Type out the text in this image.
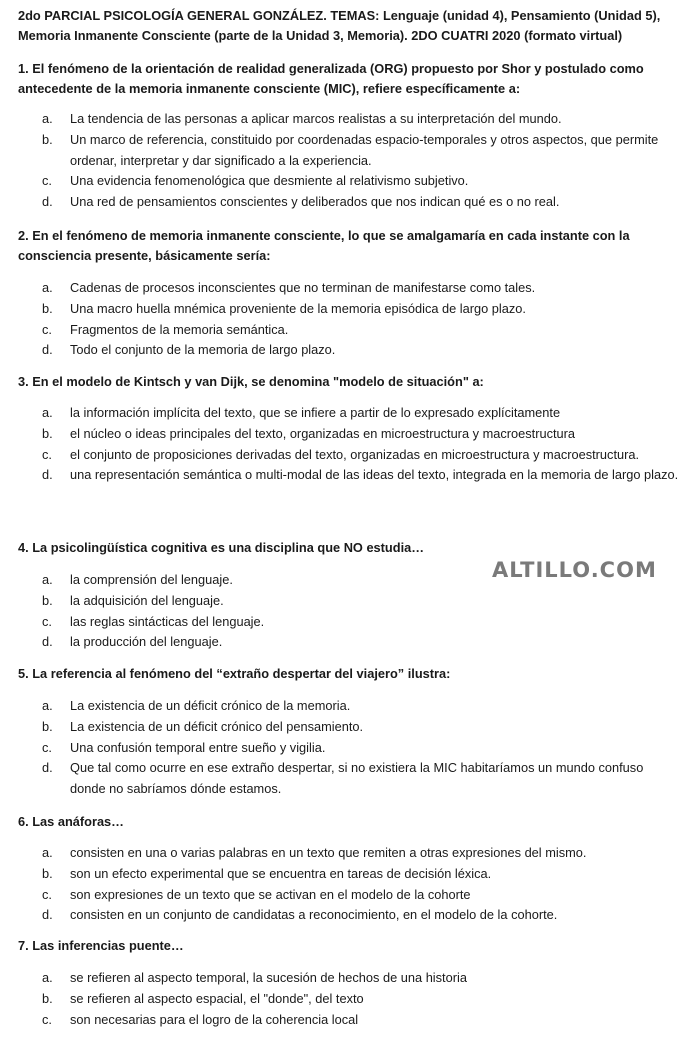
2do PARCIAL PSICOLOGÍA GENERAL GONZÁLEZ. TEMAS: Lenguaje (unidad 4), Pensamiento (Unidad 5), Memoria Inmanente Consciente (parte de la Unidad 3, Memoria). 2DO CUATRI 2020 (formato virtual)
1. El fenómeno de la orientación de realidad generalizada (ORG) propuesto por Shor y postulado como antecedente de la memoria inmanente consciente (MIC), refiere específicamente a:
a. La tendencia de las personas a aplicar marcos realistas a su interpretación del mundo.
b. Un marco de referencia, constituido por coordenadas espacio-temporales y otros aspectos, que permite ordenar, interpretar y dar significado a la experiencia.
c. Una evidencia fenomenológica que desmiente al relativismo subjetivo.
d. Una red de pensamientos conscientes y deliberados que nos indican qué es o no real.
2. En el fenómeno de memoria inmanente consciente, lo que se amalgamaría en cada instante con la consciencia presente, básicamente sería:
a. Cadenas de procesos inconscientes que no terminan de manifestarse como tales.
b. Una macro huella mnémica proveniente de la memoria episódica de largo plazo.
c. Fragmentos de la memoria semántica.
d. Todo el conjunto de la memoria de largo plazo.
3. En el modelo de Kintsch y van Dijk, se denomina "modelo de situación" a:
a. la información implícita del texto, que se infiere a partir de lo expresado explícitamente
b. el núcleo o ideas principales del texto, organizadas en microestructura y macroestructura
c. el conjunto de proposiciones derivadas del texto, organizadas en microestructura y macroestructura.
d. una representación semántica o multi-modal de las ideas del texto, integrada en la memoria de largo plazo.
4. La psicolingüística cognitiva es una disciplina que NO estudia…
a. la comprensión del lenguaje.
b. la adquisición del lenguaje.
c. las reglas sintácticas del lenguaje.
d. la producción del lenguaje.
ALTILLO.COM
5. La referencia al fenómeno del “extraño despertar del viajero” ilustra:
a. La existencia de un déficit crónico de la memoria.
b. La existencia de un déficit crónico del pensamiento.
c. Una confusión temporal entre sueño y vigilia.
d. Que tal como ocurre en ese extraño despertar, si no existiera la MIC habitaríamos un mundo confuso donde no sabríamos dónde estamos.
6. Las anáforas…
a. consisten en una o varias palabras en un texto que remiten a otras expresiones del mismo.
b. son un efecto experimental que se encuentra en tareas de decisión léxica.
c. son expresiones de un texto que se activan en el modelo de la cohorte
d. consisten en un conjunto de candidatas a reconocimiento, en el modelo de la cohorte.
7. Las inferencias puente…
a. se refieren al aspecto temporal, la sucesión de hechos de una historia
b. se refieren al aspecto espacial, el "donde", del texto
c. son necesarias para el logro de la coherencia local
